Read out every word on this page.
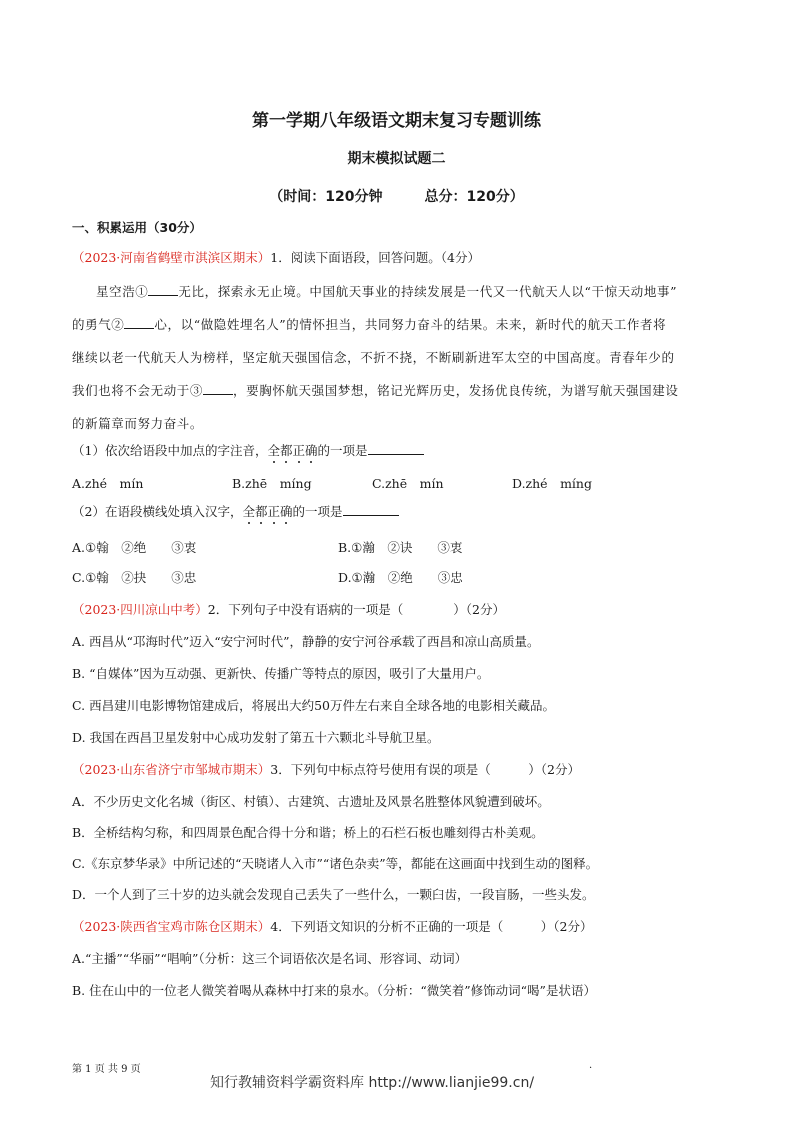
第一学期八年级语文期末复习专题训练
期末模拟试题二
（时间：120分钟　　　总分：120分）
一、积累运用（30分）
（2023·河南省鹤壁市淇滨区期末）1．阅读下面语段，回答问题。（4分）
星空浩① 无比，探索永无止境。中国航天事业的持续发展是一代又一代航天人以“干惊天动地事”
的勇气② 心，以“做隐姓埋名人”的情怀担当，共同努力奋斗的结果。未来，新时代的航天工作者将
继续以老一代航天人为榜样，坚定航天强国信念，不折不挠，不断刷新进军太空的中国高度。青春年少的
我们也将不会无动于③ ，要胸怀航天强国梦想，铭记光辉历史，发扬优良传统，为谱写航天强国建设
的新篇章而努力奋斗。
（1）依次给语段中加点的字注音，全都正确的一项是
A.zhé　mín	B.zhē　míng	C.zhē　mín	D.zhé　míng
（2）在语段横线处填入汉字，全都正确的一项是
A.①翰　②绝　　③衷	B.①瀚　②诀　　③衷
C.①翰　②抉　　③忠	D.①瀚　②绝　　③忠
（2023·四川凉山中考）2．下列句子中没有语病的一项是（　　　　）（2分）
A. 西昌从“邛海时代”迈入“安宁河时代”，静静的安宁河谷承载了西昌和凉山高质量。
B. “自媒体”因为互动强、更新快、传播广等特点的原因，吸引了大量用户。
C. 西昌建川电影博物馆建成后，将展出大约50万件左右来自全球各地的电影相关藏品。
D. 我国在西昌卫星发射中心成功发射了第五十六颗北斗导航卫星。
（2023·山东省济宁市邹城市期末）3．下列句中标点符号使用有误的项是（　　　）（2分）
A．不少历史文化名城（街区、村镇）、古建筑、古遗址及风景名胜整体风貌遭到破坏。
B．全桥结构匀称，和四周景色配合得十分和谐；桥上的石栏石板也雕刻得古朴美观。
C.《东京梦华录》中所记述的“天晓诸人入市”“诸色杂卖”等，都能在这画面中找到生动的图释。
D．一个人到了三十岁的边头就会发现自己丢失了一些什么，一颗臼齿，一段盲肠，一些头发。
（2023·陕西省宝鸡市陈仓区期末）4．下列语文知识的分析不正确的一项是（　　　）（2分）
A.“主播”“华丽”“唱响”（分析：这三个词语依次是名词、形容词、动词）
B. 住在山中的一位老人微笑着喝从森林中打来的泉水。（分析：“微笑着”修饰动词“喝”是状语）
第 1 页 共 9 页
知行教辅资料学霸资料库 http://www.lianjie99.cn/
.
